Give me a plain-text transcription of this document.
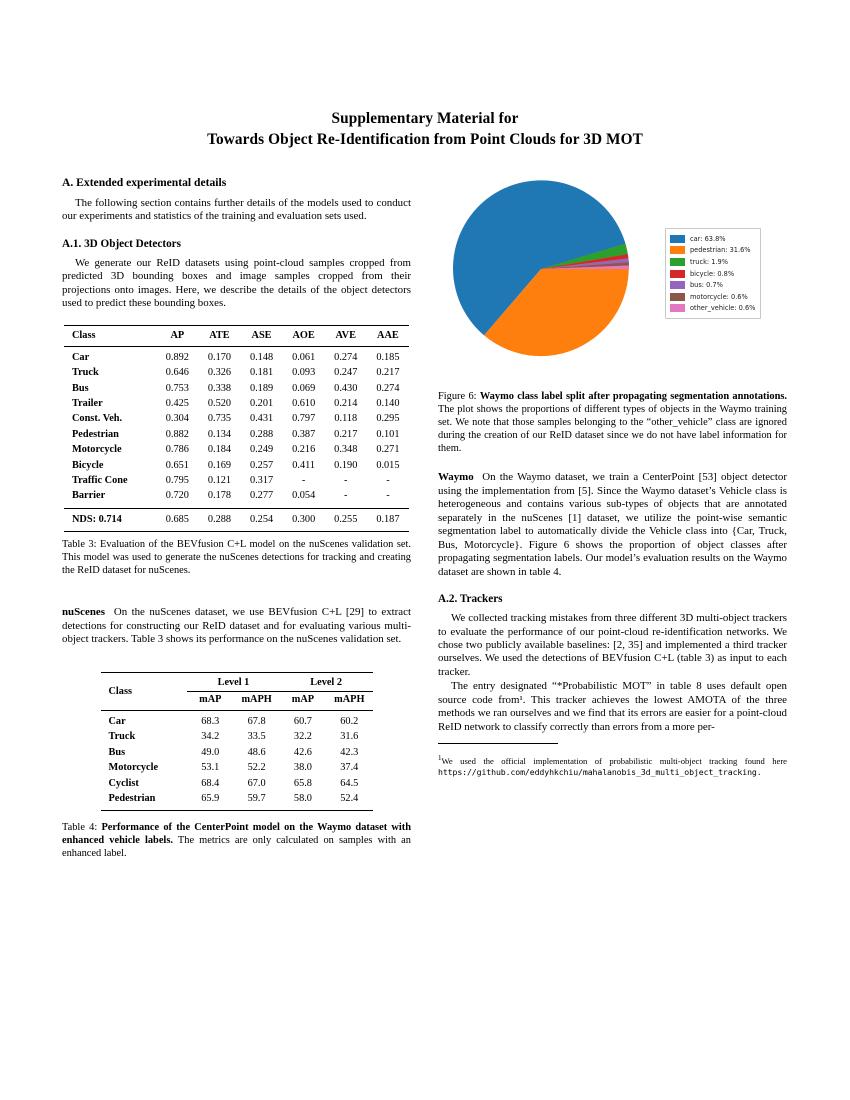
Supplementary Material for
Towards Object Re-Identification from Point Clouds for 3D MOT
A. Extended experimental details

The following section contains further details of the models used to conduct our experiments and statistics of the training and evaluation sets used.

A.1. 3D Object Detectors

We generate our ReID datasets using point-cloud samples cropped from predicted 3D bounding boxes and image samples cropped from their projections onto images. Here, we describe the details of the object detectors used to predict these bounding boxes.

Class	AP	ATE	ASE	AOE	AVE	AAE
Car	0.892	0.170	0.148	0.061	0.274	0.185
Truck	0.646	0.326	0.181	0.093	0.247	0.217
Bus	0.753	0.338	0.189	0.069	0.430	0.274
Trailer	0.425	0.520	0.201	0.610	0.214	0.140
Const. Veh.	0.304	0.735	0.431	0.797	0.118	0.295
Pedestrian	0.882	0.134	0.288	0.387	0.217	0.101
Motorcycle	0.786	0.184	0.249	0.216	0.348	0.271
Bicycle	0.651	0.169	0.257	0.411	0.190	0.015
Traffic Cone	0.795	0.121	0.317	-	-	-
Barrier	0.720	0.178	0.277	0.054	-	-
NDS: 0.714	0.685	0.288	0.254	0.300	0.255	0.187

Table 3: Evaluation of the BEVfusion C+L model on the nuScenes validation set. This model was used to generate the nuScenes detections for tracking and creating the ReID dataset for nuScenes.

nuScenes On the nuScenes dataset, we use BEVfusion C+L [29] to extract detections for constructing our ReID dataset and for evaluating various multi-object trackers. Table 3 shows its performance on the nuScenes validation set.

Class	Level 1		Level 2	
	mAP	mAPH	mAP	mAPH
Car	68.3	67.8	60.7	60.2
Truck	34.2	33.5	32.2	31.6
Bus	49.0	48.6	42.6	42.3
Motorcycle	53.1	52.2	38.0	37.4
Cyclist	68.4	67.0	65.8	64.5
Pedestrian	65.9	59.7	58.0	52.4

Table 4: Performance of the CenterPoint model on the Waymo dataset with enhanced vehicle labels. The metrics are only calculated on samples with an enhanced label.

car: 63.8%
pedestrian: 31.6%
truck: 1.9%
bicycle: 0.8%
bus: 0.7%
motorcycle: 0.6%
other_vehicle: 0.6%

Figure 6: Waymo class label split after propagating segmentation annotations. The plot shows the proportions of different types of objects in the Waymo training set. We note that those samples belonging to the “other_vehicle” class are ignored during the creation of our ReID dataset since we do not have label information for them.

Waymo On the Waymo dataset, we train a CenterPoint [53] object detector using the implementation from [5]. Since the Waymo dataset’s Vehicle class is heterogeneous and contains various sub-types of objects that are annotated separately in the nuScenes [1] dataset, we utilize the point-wise semantic segmentation label to automatically divide the Vehicle class into {Car, Truck, Bus, Motorcycle}. Figure 6 shows the proportion of object classes after propagating segmentation labels. Our model’s evaluation results on the Waymo dataset are shown in table 4.

A.2. Trackers

We collected tracking mistakes from three different 3D multi-object trackers to evaluate the performance of our point-cloud re-identification networks. We chose two publicly available baselines: [2, 35] and implemented a third tracker ourselves. We used the detections of BEVfusion C+L (table 3) as input to each tracker.

The entry designated “*Probabilistic MOT” in table 8 uses default open source code from¹. This tracker achieves the lowest AMOTA of the three methods we ran ourselves and we find that its errors are easier for a point-cloud ReID network to classify correctly than errors from a more per-

$^1$We used the official implementation of probabilistic multi-object tracking found here https://github.com/eddyhkchiu/mahalanobis_3d_multi_object_tracking.
